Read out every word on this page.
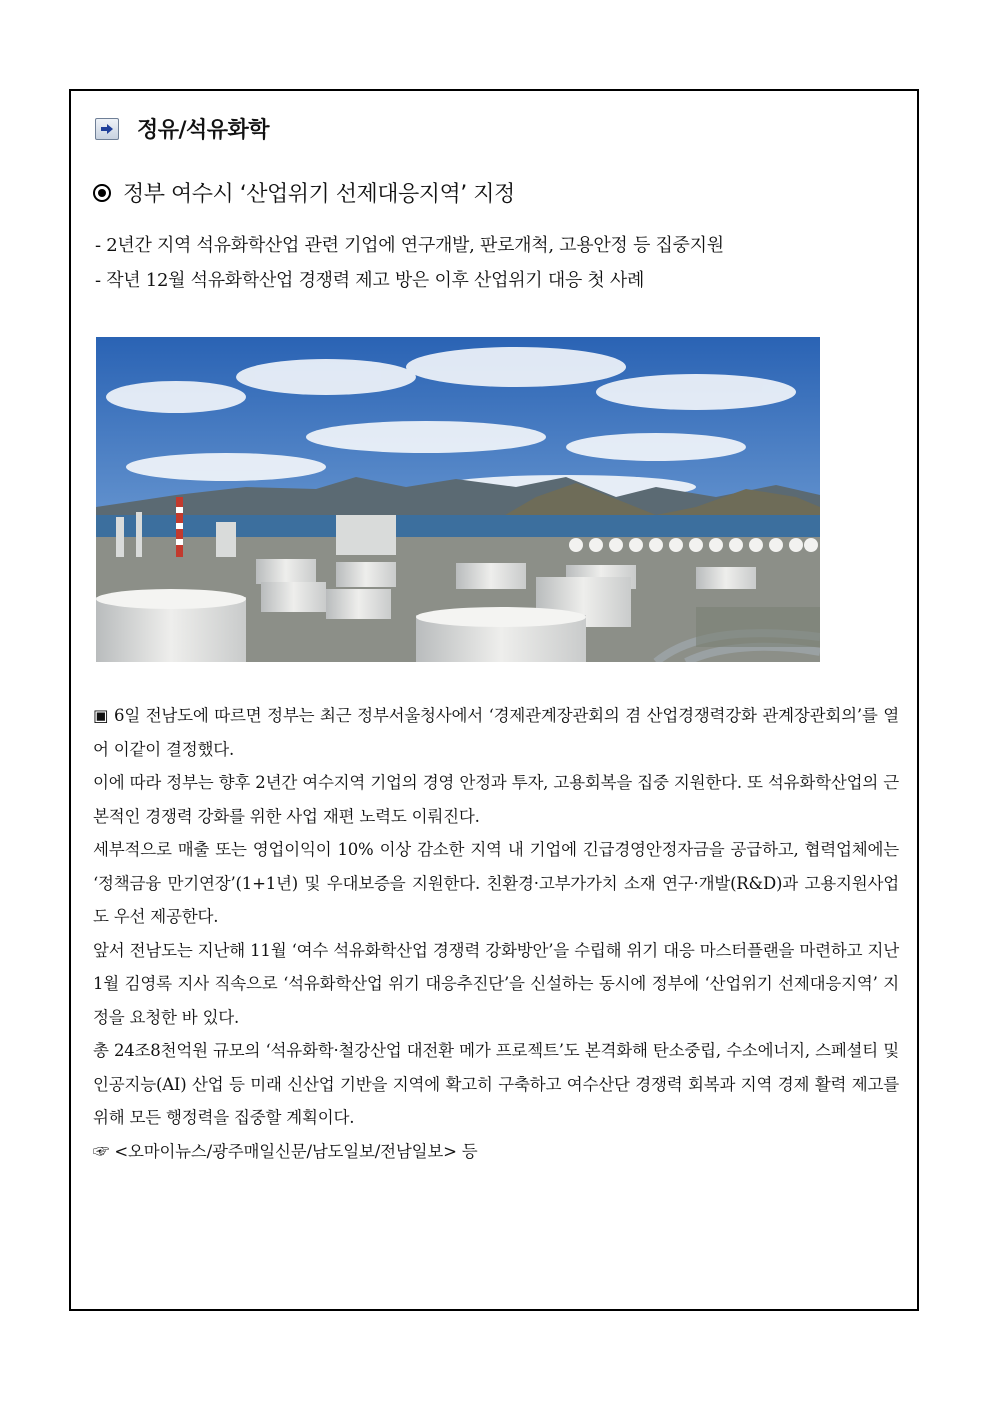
정유/석유화학
정부 여수시 ‘산업위기 선제대응지역’ 지정
- 2년간 지역 석유화학산업 관련 기업에 연구개발, 판로개척, 고용안정 등 집중지원
- 작년 12월 석유화학산업 경쟁력 제고 방은 이후 산업위기 대응 첫 사례

▣ 6일 전남도에 따르면 정부는 최근 정부서울청사에서 ‘경제관계장관회의 겸 산업경쟁력강화 관계장관회의’를 열어 이같이 결정했다.

이에 따라 정부는 향후 2년간 여수지역 기업의 경영 안정과 투자, 고용회복을 집중 지원한다. 또 석유화학산업의 근본적인 경쟁력 강화를 위한 사업 재편 노력도 이뤄진다.

세부적으로 매출 또는 영업이익이 10% 이상 감소한 지역 내 기업에 긴급경영안정자금을 공급하고, 협력업체에는 ‘정책금융 만기연장’(1+1년) 및 우대보증을 지원한다. 친환경·고부가가치 소재 연구·개발(R&D)과 고용지원사업도 우선 제공한다.

앞서 전남도는 지난해 11월 ‘여수 석유화학산업 경쟁력 강화방안’을 수립해 위기 대응 마스터플랜을 마련하고 지난 1월 김영록 지사 직속으로 ‘석유화학산업 위기 대응추진단’을 신설하는 동시에 정부에 ‘산업위기 선제대응지역’ 지정을 요청한 바 있다.

총 24조8천억원 규모의 ‘석유화학·철강산업 대전환 메가 프로젝트’도 본격화해 탄소중립, 수소에너지, 스페셜티 및 인공지능(AI) 산업 등 미래 신산업 기반을 지역에 확고히 구축하고 여수산단 경쟁력 회복과 지역 경제 활력 제고를 위해 모든 행정력을 집중할 계획이다.

☞ <오마이뉴스/광주매일신문/남도일보/전남일보> 등
